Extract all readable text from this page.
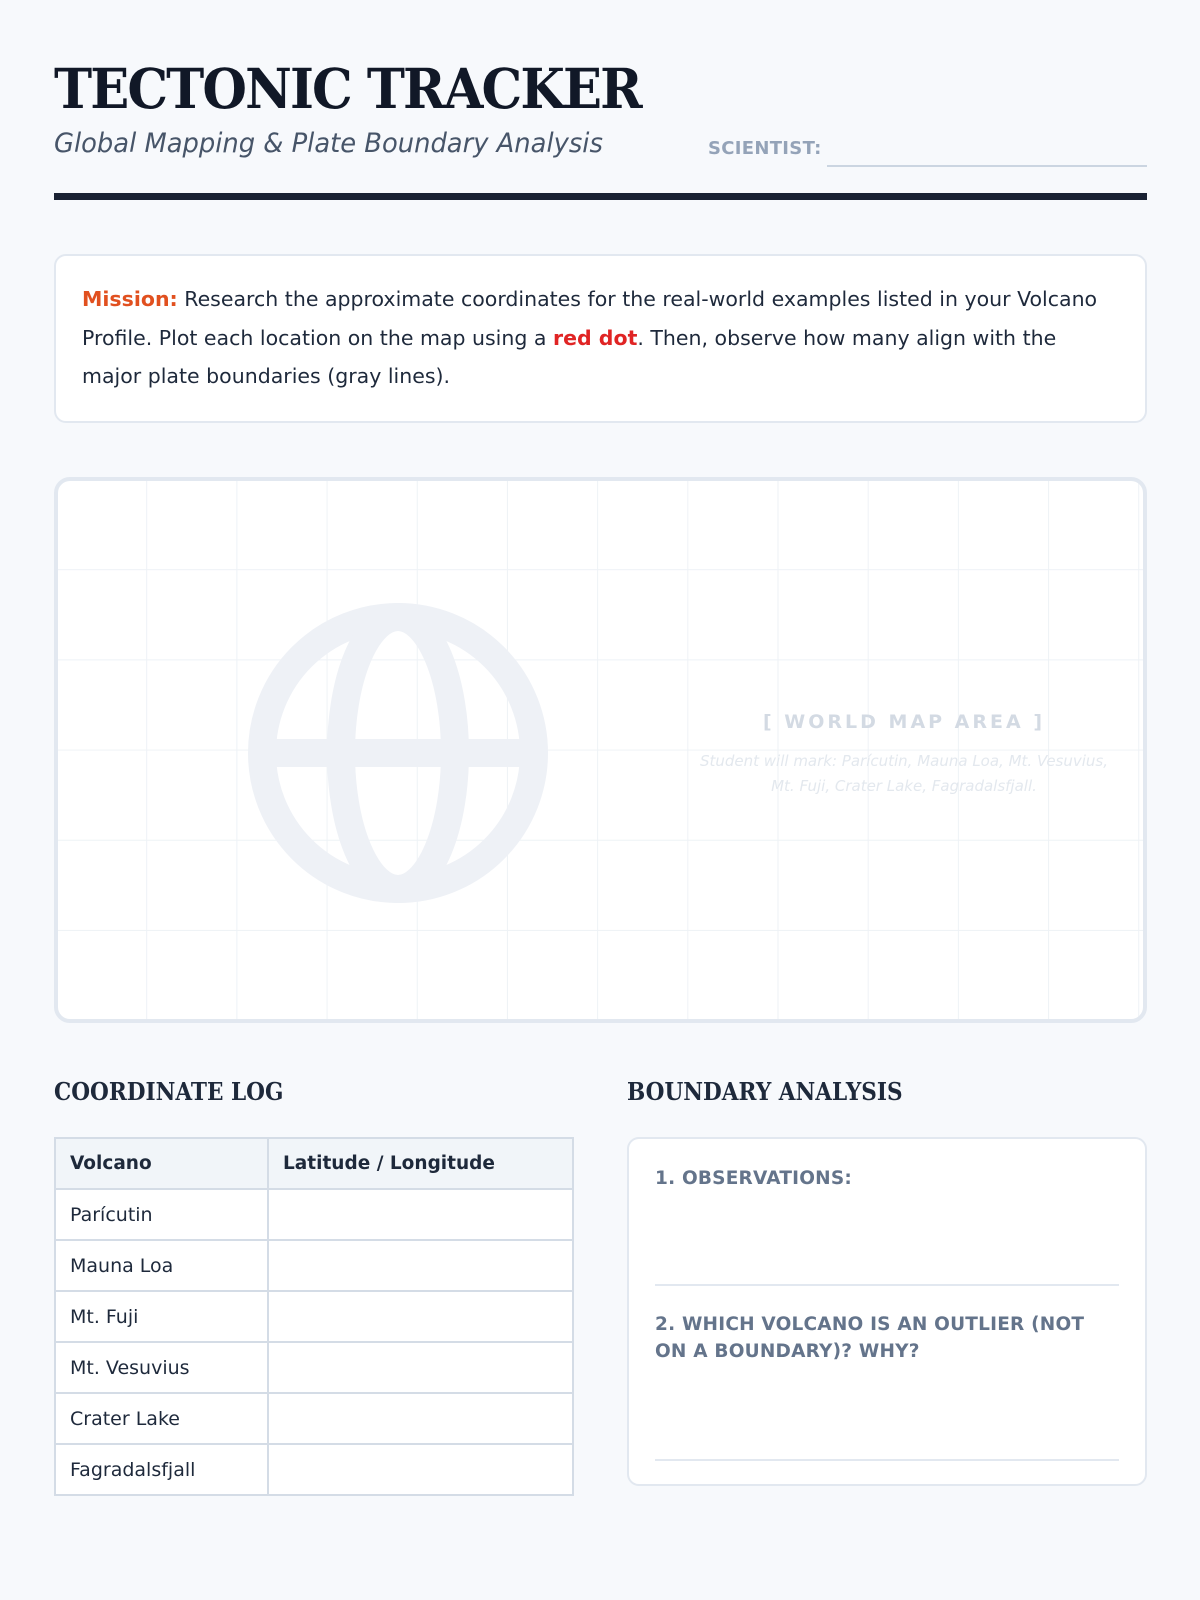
TECTONIC TRACKER
Global Mapping & Plate Boundary Analysis	SCIENTIST:
Mission: Research the approximate coordinates for the real-world examples listed in your Volcano Profile. Plot each location on the map using a red dot. Then, observe how many align with the major plate boundaries (gray lines).
[ WORLD MAP AREA ]
Student will mark: Parícutin, Mauna Loa, Mt. Vesuvius, Mt. Fuji, Crater Lake, Fagradalsfjall.
COORDINATE LOG	BOUNDARY ANALYSIS
Volcano	Latitude / Longitude
Parícutin	
Mauna Loa	
Mt. Fuji	
Mt. Vesuvius	
Crater Lake	
Fagradalsfjall	
1. OBSERVATIONS:
2. WHICH VOLCANO IS AN OUTLIER (NOT ON A BOUNDARY)? WHY?
